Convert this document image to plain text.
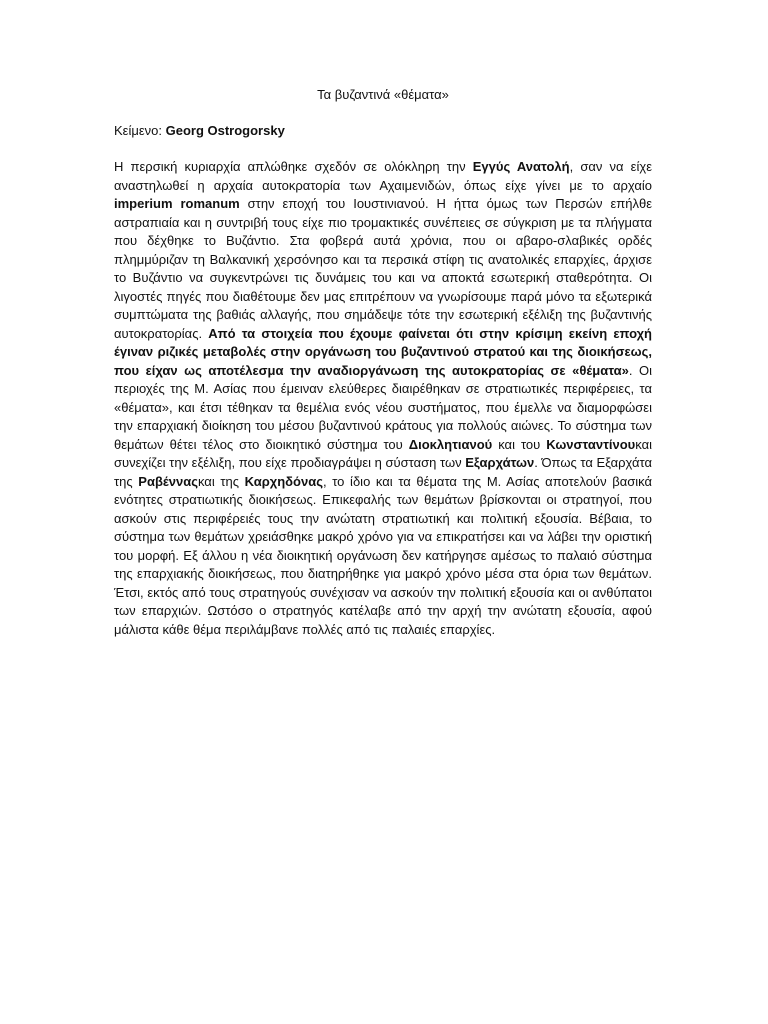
Τα βυζαντινά «θέματα»

Κείμενο: Georg Ostrogorsky

Η περσική κυριαρχία απλώθηκε σχεδόν σε ολόκληρη την Εγγύς Ανατολή, σαν να είχε αναστηλωθεί η αρχαία αυτοκρατορία των Αχαιμενιδών, όπως είχε γίνει με το αρχαίο imperium romanum στην εποχή του Ιουστινιανού. Η ήττα όμως των Περσών επήλθε αστραπιαία και η συντριβή τους είχε πιο τρομακτικές συνέπειες σε σύγκριση με τα πλήγματα που δέχθηκε το Βυζάντιο. Στα φοβερά αυτά χρόνια, που οι αβαρο-σλαβικές ορδές πλημμύριζαν τη Βαλκανική χερσόνησο και τα περσικά στίφη τις ανατολικές επαρχίες, άρχισε το Βυζάντιο να συγκεντρώνει τις δυνάμεις του και να αποκτά εσωτερική σταθερότητα. Οι λιγοστές πηγές που διαθέτουμε δεν μας επιτρέπουν να γνωρίσουμε παρά μόνο τα εξωτερικά συμπτώματα της βαθιάς αλλαγής, που σημάδεψε τότε την εσωτερική εξέλιξη της βυζαντινής αυτοκρατορίας. Από τα στοιχεία που έχουμε φαίνεται ότι στην κρίσιμη εκείνη εποχή έγιναν ριζικές μεταβολές στην οργάνωση του βυζαντινού στρατού και της διοικήσεως, που είχαν ως αποτέλεσμα την αναδιοργάνωση της αυτοκρατορίας σε «θέματα». Οι περιοχές της Μ. Ασίας που έμειναν ελεύθερες διαιρέθηκαν σε στρατιωτικές περιφέρειες, τα «θέματα», και έτσι τέθηκαν τα θεμέλια ενός νέου συστήματος, που έμελλε να διαμορφώσει την επαρχιακή διοίκηση του μέσου βυζαντινού κράτους για πολλούς αιώνες. Το σύστημα των θεμάτων θέτει τέλος στο διοικητικό σύστημα του Διοκλητιανού και του Κωνσταντίνουκαι συνεχίζει την εξέλιξη, που είχε προδιαγράψει η σύσταση των Εξαρχάτων. Όπως τα Εξαρχάτα της Ραβένναςκαι της Καρχηδόνας, το ίδιο και τα θέματα της Μ. Ασίας αποτελούν βασικά ενότητες στρατιωτικής διοικήσεως. Επικεφαλής των θεμάτων βρίσκονται οι στρατηγοί, που ασκούν στις περιφέρειές τους την ανώτατη στρατιωτική και πολιτική εξουσία. Βέβαια, το σύστημα των θεμάτων χρειάσθηκε μακρό χρόνο για να επικρατήσει και να λάβει την οριστική του μορφή. Εξ άλλου η νέα διοικητική οργάνωση δεν κατήργησε αμέσως το παλαιό σύστημα της επαρχιακής διοικήσεως, που διατηρήθηκε για μακρό χρόνο μέσα στα όρια των θεμάτων. Έτσι, εκτός από τους στρατηγούς συνέχισαν να ασκούν την πολιτική εξουσία και οι ανθύπατοι των επαρχιών. Ωστόσο ο στρατηγός κατέλαβε από την αρχή την ανώτατη εξουσία, αφού μάλιστα κάθε θέμα περιλάμβανε πολλές από τις παλαιές επαρχίες.
